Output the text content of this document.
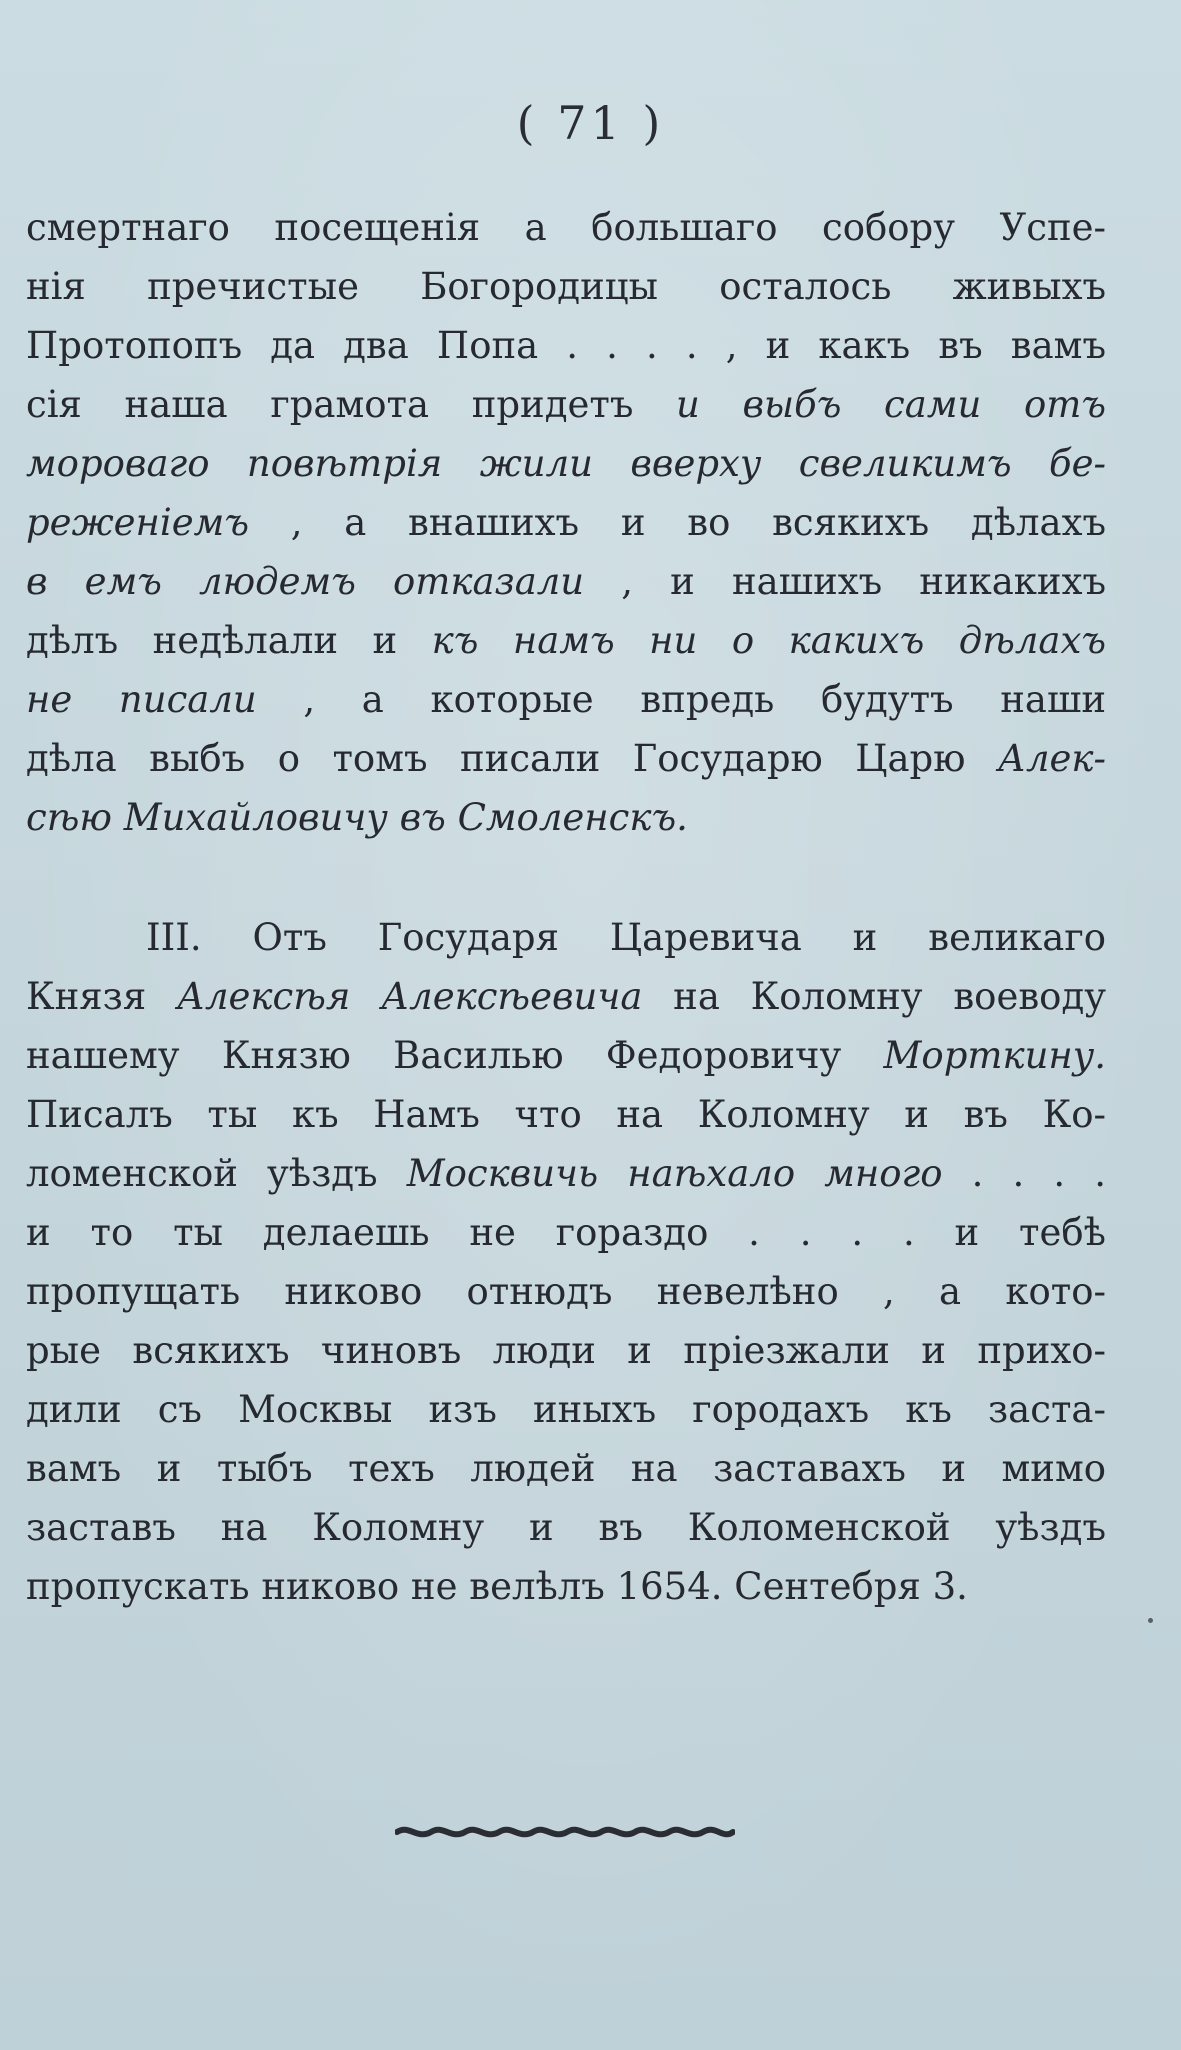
( 71 )
смертнаго посещенія а большаго собору Успе-
нія пречистые Богородицы осталось живыхъ
Протопопъ да два Попа . . . . , и какъ въ вамъ
сія наша грамота придетъ и выбъ сами отъ
моровaго повѣтрія жили вверху свеликимъ бе-
реженіемъ , а внашихъ и во всякихъ дѣлахъ
в емъ людемъ отказали , и нашихъ никакихъ
дѣлъ недѣлали и къ намъ ни о какихъ дѣлахъ
не писали , а которые впредь будутъ наши
дѣла выбъ о томъ писали Государю Царю Алек-
сѣю Михайловичу въ Смоленскъ.
III. Отъ Государя Царевича и великаго
Князя Алексѣя Алексѣевича на Коломну воеводу
нашему Князю Василью Федоровичу Морткину.
Писалъ ты къ Намъ что на Коломну и въ Ко-
ломенской уѣздъ Москвичь наѣхало много . . . .
и то ты делаешь не гораздо . . . . и тебѣ
пропущать никово отнюдъ невелѣно , а кото-
рые всякихъ чиновъ люди и пріезжали и прихо-
дили съ Москвы изъ иныхъ городахъ къ заста-
вамъ и тыбъ техъ людей на заставахъ и мимо
заставъ на Коломну и въ Коломенской уѣздъ
пропускать никово не велѣлъ 1654. Сентебря 3.
